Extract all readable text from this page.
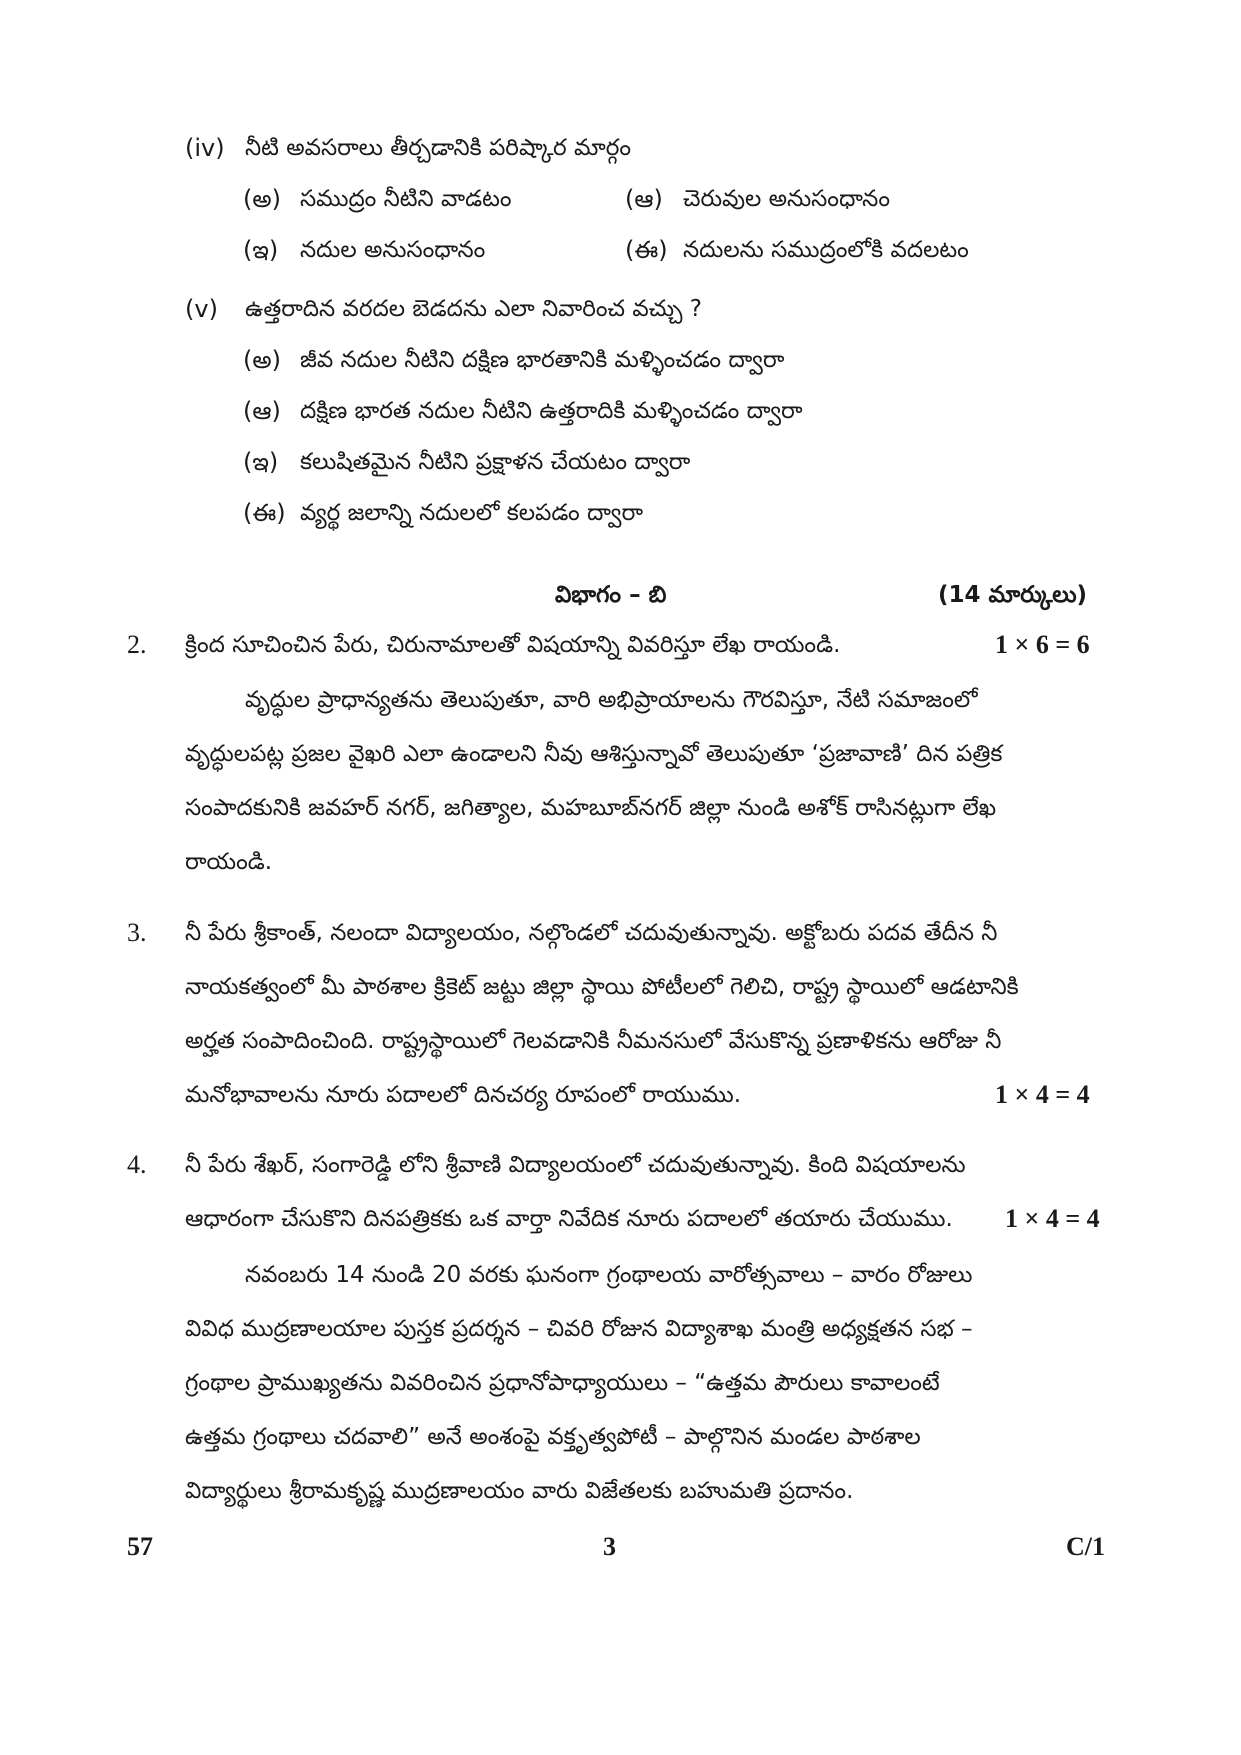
(iv) నీటి అవసరాలు తీర్చడానికి పరిష్కార మార్గం
(అ) సముద్రం నీటిని వాడటం	(ఆ) చెరువుల అనుసంధానం
(ఇ) నదుల అనుసంధానం	(ఈ) నదులను సముద్రంలోకి వదలటం
(v) ఉత్తరాదిన వరదల బెడదను ఎలా నివారించ వచ్చు ?
(అ) జీవ నదుల నీటిని దక్షిణ భారతానికి మళ్ళించడం ద్వారా
(ఆ) దక్షిణ భారత నదుల నీటిని ఉత్తరాదికి మళ్ళించడం ద్వారా
(ఇ) కలుషితమైన నీటిని ప్రక్షాళన చేయటం ద్వారా
(ఈ) వ్యర్థ జలాన్ని నదులలో కలపడం ద్వారా
విభాగం – బి	(14 మార్కులు)
2. క్రింద సూచించిన పేరు, చిరునామాలతో విషయాన్ని వివరిస్తూ లేఖ రాయండి.	1 × 6 = 6
వృద్ధుల ప్రాధాన్యతను తెలుపుతూ, వారి అభిప్రాయాలను గౌరవిస్తూ, నేటి సమాజంలో
వృద్ధులపట్ల ప్రజల వైఖరి ఎలా ఉండాలని నీవు ఆశిస్తున్నావో తెలుపుతూ ‘ప్రజావాణి’ దిన పత్రిక
సంపాదకునికి జవహర్ నగర్, జగిత్యాల, మహబూబ్‌నగర్ జిల్లా నుండి అశోక్ రాసినట్లుగా లేఖ
రాయండి.
3. నీ పేరు శ్రీకాంత్, నలందా విద్యాలయం, నల్గొండలో చదువుతున్నావు. అక్టోబరు పదవ తేదీన నీ
నాయకత్వంలో మీ పాఠశాల క్రికెట్ జట్టు జిల్లా స్థాయి పోటీలలో గెలిచి, రాష్ట్ర స్థాయిలో ఆడటానికి
అర్హత సంపాదించింది. రాష్ట్రస్థాయిలో గెలవడానికి నీమనసులో వేసుకొన్న ప్రణాళికను ఆరోజు నీ
మనోభావాలను నూరు పదాలలో దినచర్య రూపంలో రాయుము.	1 × 4 = 4
4. నీ పేరు శేఖర్, సంగారెడ్డి లోని శ్రీవాణి విద్యాలయంలో చదువుతున్నావు. కింది విషయాలను
ఆధారంగా చేసుకొని దినపత్రికకు ఒక వార్తా నివేదిక నూరు పదాలలో తయారు చేయుము. 1 × 4 = 4
నవంబరు 14 నుండి 20 వరకు ఘనంగా గ్రంథాలయ వారోత్సవాలు – వారం రోజులు
వివిధ ముద్రణాలయాల పుస్తక ప్రదర్శన – చివరి రోజున విద్యాశాఖ మంత్రి అధ్యక్షతన సభ –
గ్రంథాల ప్రాముఖ్యతను వివరించిన ప్రధానోపాధ్యాయులు – “ఉత్తమ పౌరులు కావాలంటే
ఉత్తమ గ్రంథాలు చదవాలి” అనే అంశంపై వక్తృత్వపోటీ – పాల్గొనిన మండల పాఠశాల
విద్యార్థులు శ్రీరామకృష్ణ ముద్రణాలయం వారు విజేతలకు బహుమతి ప్రదానం.
57	3	C/1
